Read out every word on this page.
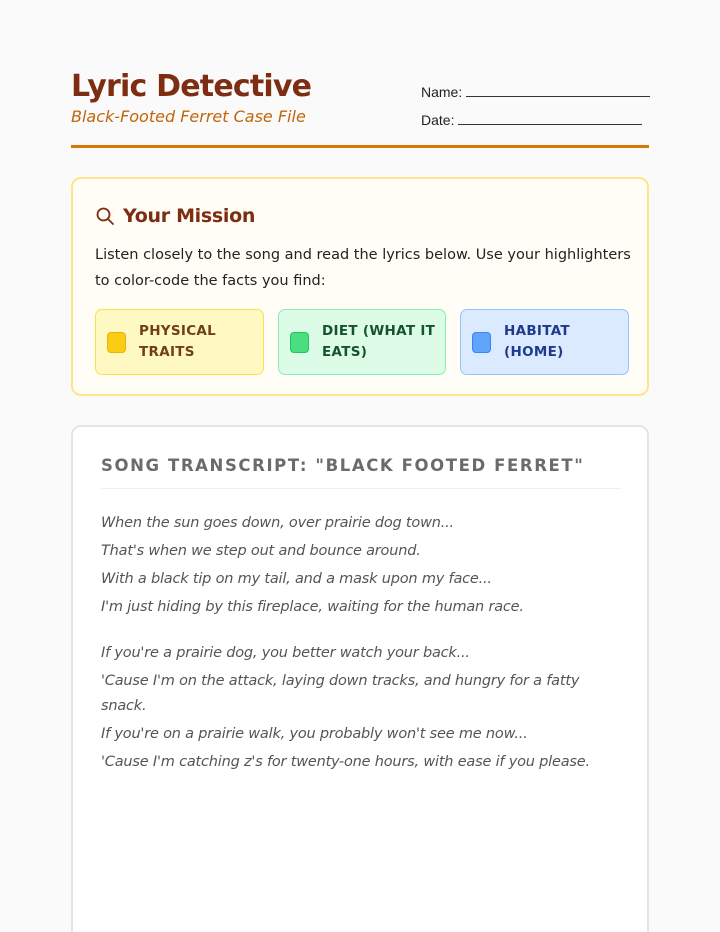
Lyric Detective
Black-Footed Ferret Case File
Name:
Date:
Your Mission
Listen closely to the song and read the lyrics below. Use your highlighters to color-code the facts you find:
PHYSICAL TRAITS
DIET (WHAT IT EATS)
HABITAT (HOME)
SONG TRANSCRIPT: "BLACK FOOTED FERRET"
When the sun goes down, over prairie dog town...
That's when we step out and bounce around.
With a black tip on my tail, and a mask upon my face...
I'm just hiding by this fireplace, waiting for the human race.
If you're a prairie dog, you better watch your back...
'Cause I'm on the attack, laying down tracks, and hungry for a fatty snack.
If you're on a prairie walk, you probably won't see me now...
'Cause I'm catching z's for twenty-one hours, with ease if you please.
